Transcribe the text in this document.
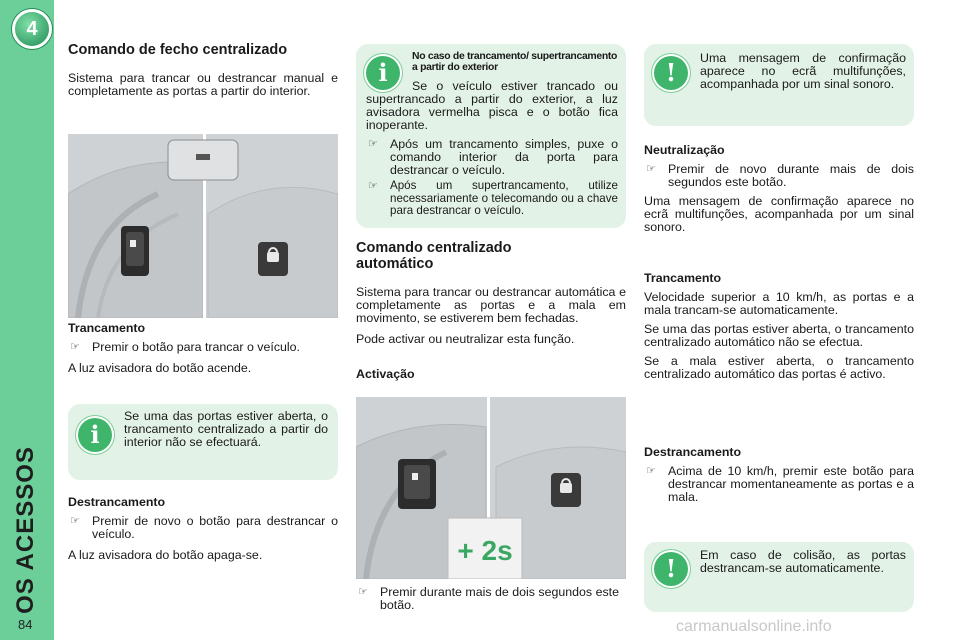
4
OS ACESSOS
84
Comando de fecho centralizado

Sistema para trancar ou destrancar manual e completamente as portas a partir do interior.

Trancamento

☞ Premir o botão para trancar o veículo.

A luz avisadora do botão acende.

i

Se uma das portas estiver aberta, o trancamento centralizado a partir do interior não se efectuará.

Destrancamento

☞ Premir de novo o botão para destrancar o veículo.

A luz avisadora do botão apaga-se.

i

No caso de trancamento/ supertrancamento a partir do exterior

Se o veículo estiver trancado ou supertrancado a partir do exterior, a luz avisadora vermelha pisca e o botão fica inoperante.

☞ Após um trancamento simples, puxe o comando interior da porta para destrancar o veículo.

☞ Após um supertrancamento, utilize necessariamente o telecomando ou a chave para destrancar o veículo.

Comando centralizado automático

Sistema para trancar ou destrancar automática e completamente as portas e a mala em movimento, se estiverem bem fechadas.

Pode activar ou neutralizar esta função.

Activação

+ 2s

☞ Premir durante mais de dois segundos este botão.

!	Uma mensagem de confirmação aparece no ecrã multifunções, acompanhada por um sinal sonoro.

Neutralização

☞ Premir de novo durante mais de dois segundos este botão.

Uma mensagem de confirmação aparece no ecrã multifunções, acompanhada por um sinal sonoro.

Trancamento

Velocidade superior a 10 km/h, as portas e a mala trancam-se automaticamente.

Se uma das portas estiver aberta, o trancamento centralizado automático não se efectua.

Se a mala estiver aberta, o trancamento centralizado automático das portas é activo.

Destrancamento

☞ Acima de 10 km/h, premir este botão para destrancar momentaneamente as portas e a mala.

!	Em caso de colisão, as portas destrancam-se automaticamente.

carmanualsonline.info
